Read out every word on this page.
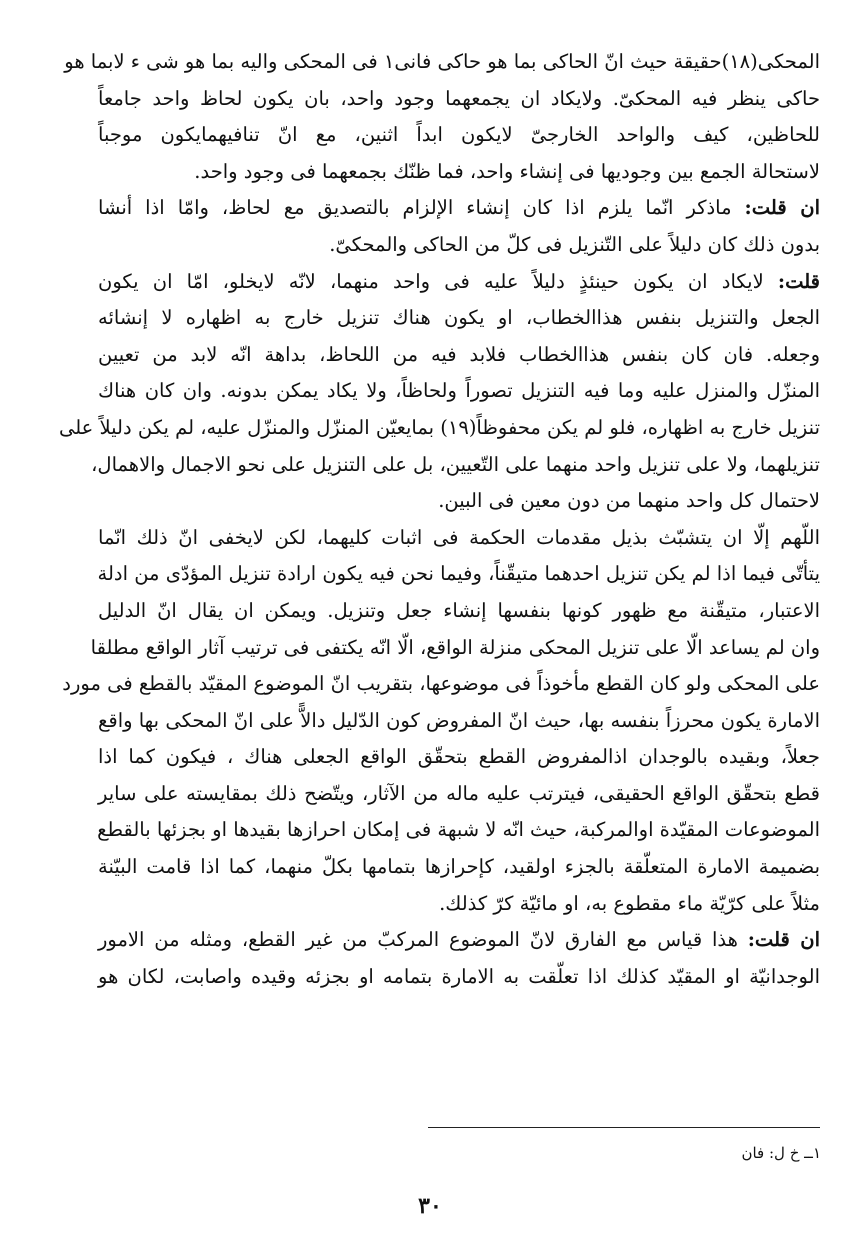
المحكى(١٨)حقيقة حيث انّ الحاكى بما هو حاكى فانى١ فى المحكى واليه بما هو شى ء لابما هو
حاكى ينظر فيه المحكىّ. ولايكاد ان يجمعهما وجود واحد، بان يكون لحاظ واحد جامعاً
للحاظين، كيف والواحد الخارجىّ لايكون ابداً اثنين، مع انّ تنافيهمايكون موجباً
لاستحالة الجمع بين وجوديها فى إنشاء واحد، فما ظنّك بجمعهما فى وجود واحد.
ان قلت: ماذكر انّما يلزم اذا كان إنشاء الإلزام بالتصديق مع لحاظ، وامّا اذا أنشا
بدون ذلك كان دليلاً على التّنزيل فى كلّ من الحاكى والمحكىّ.
قلت: لايكاد ان يكون حينئذٍ دليلاً عليه فى واحد منهما، لانّه لايخلو، امّا ان يكون
الجعل والتنزيل بنفس هذاالخطاب، او يكون هناك تنزيل خارج به اظهاره لا إنشائه
وجعله. فان كان بنفس هذاالخطاب فلابد فيه من اللحاظ، بداهة انّه لابد من تعيين
المنزّل والمنزل عليه وما فيه التنزيل تصوراً ولحاظاً، ولا يكاد يمكن بدونه. وان كان هناك
تنزيل خارج به اظهاره، فلو لم يكن محفوظاً(١٩) بمايعيّن المنزّل والمنزّل عليه، لم يكن دليلاً على
تنزيلهما، ولا على تنزيل واحد منهما على التّعيين، بل على التنزيل على نحو الاجمال والاهمال،
لاحتمال كل واحد منهما من دون معين فى البين.
اللّهم إلّا ان يتشبّث بذيل مقدمات الحكمة فى اثبات كليهما، لكن لايخفى انّ ذلك انّما
يتأتّى فيما اذا لم يكن تنزيل احدهما متيقّناً، وفيما نحن فيه يكون ارادة تنزيل المؤدّى من ادلة
الاعتبار، متيقّنة مع ظهور كونها بنفسها إنشاء جعل وتنزيل. ويمكن ان يقال انّ الدليل
وان لم يساعد الّا على تنزيل المحكى منزلة الواقع، الّا انّه يكتفى فى ترتيب آثار الواقع مطلقا
على المحكى ولو كان القطع مأخوذاً فى موضوعها، بتقريب انّ الموضوع المقيّد بالقطع فى مورد
الامارة يكون محرزاً بنفسه بها، حيث انّ المفروض كون الدّليل دالاًّ على انّ المحكى بها واقع
جعلاً، وبقيده بالوجدان اذالمفروض القطع بتحقّق الواقع الجعلى هناك ، فيكون كما اذا
قطع بتحقّق الواقع الحقيقى، فيترتب عليه ماله من الآثار، ويتّضح ذلك بمقايسته على ساير
الموضوعات المقيّدة اوالمركبة، حيث انّه لا شبهة فى إمكان احرازها بقيدها او بجزئها بالقطع
بضميمة الامارة المتعلّقة بالجزء اولقيد، كإحرازها بتمامها بكلّ منهما، كما اذا قامت البيّنة
مثلاً على كرّيّة ماء مقطوع به، او مائيّة كرّ كذلك.
ان قلت: هذا قياس مع الفارق لانّ الموضوع المركبّ من غير القطع، ومثله من الامور
الوجدانيّة او المقيّد كذلك اذا تعلّقت به الامارة بتمامه او بجزئه وقيده واصابت، لكان هو
١ــ خ ل: فان
٣٠
